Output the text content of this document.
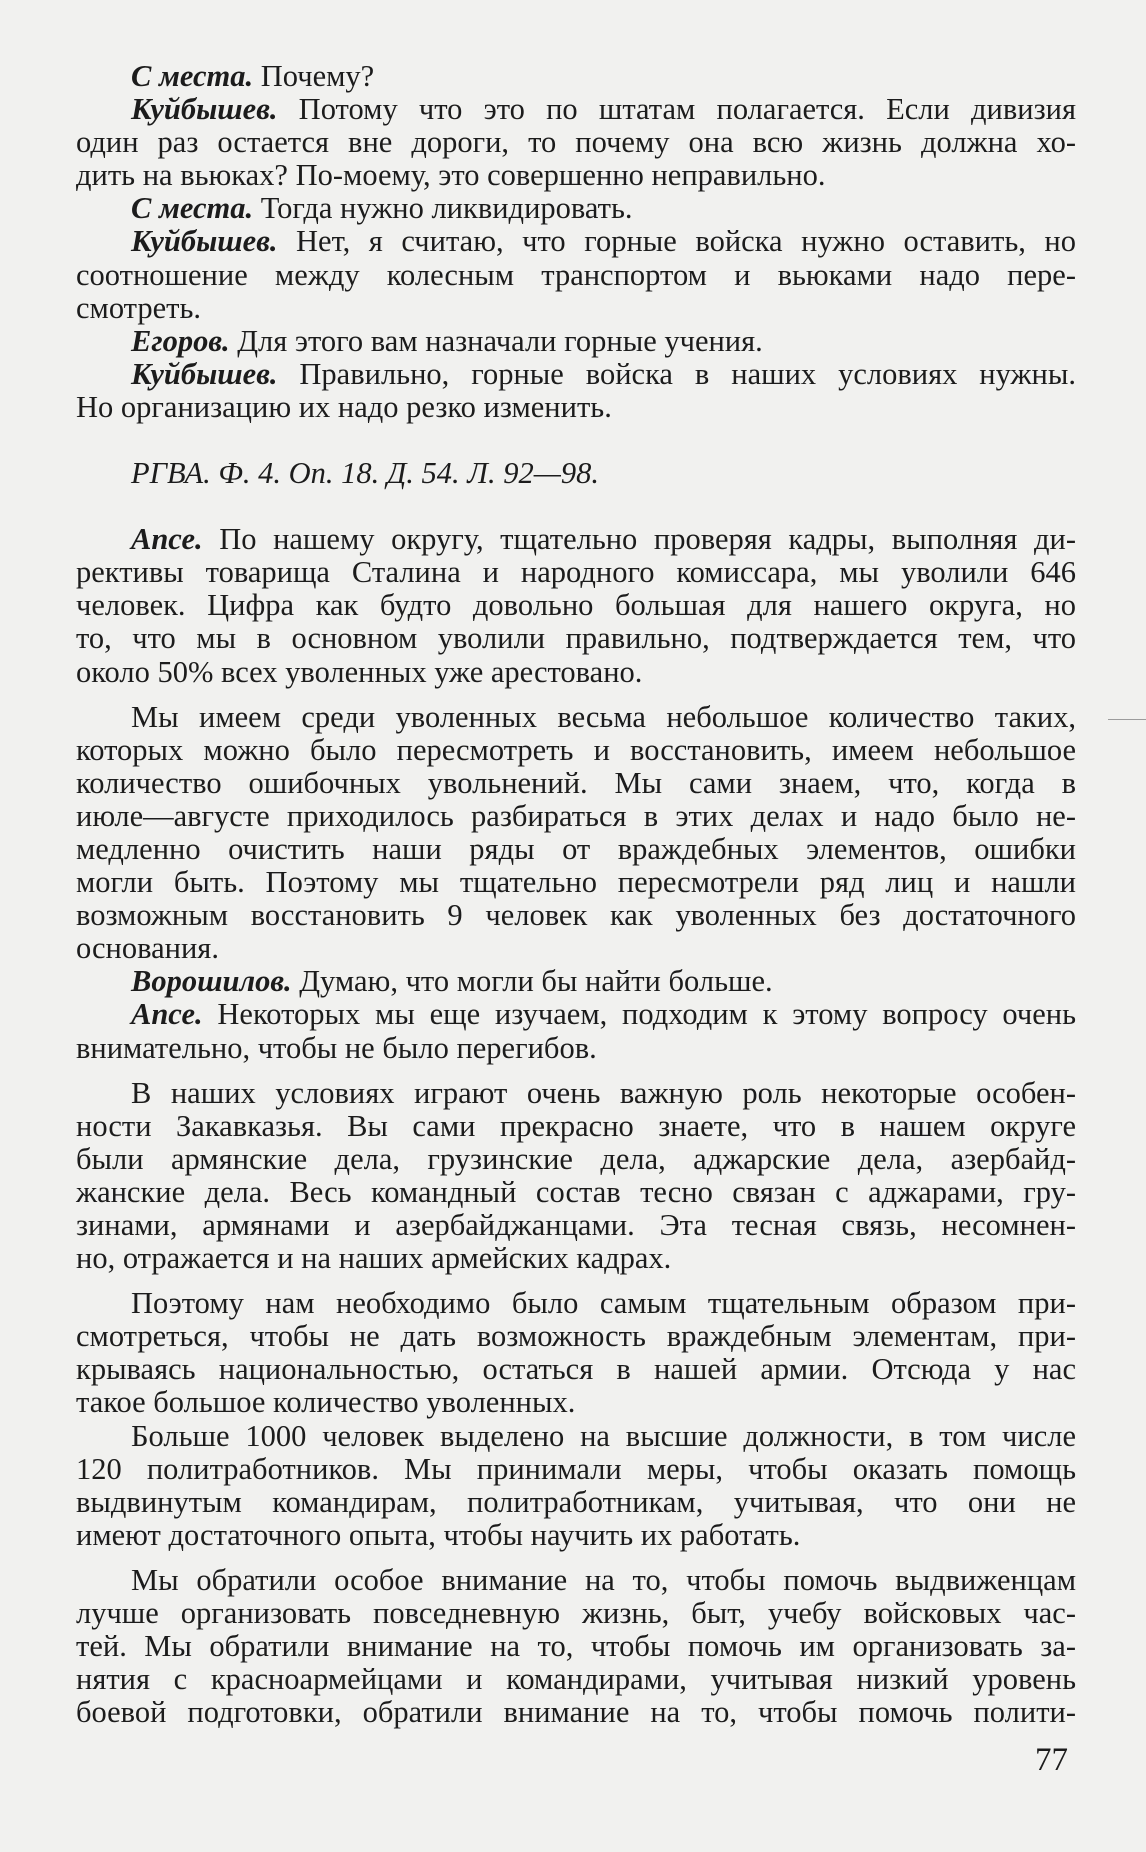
С места. Почему?

Куйбышев. Потому что это по штатам полагается. Если дивизия

один раз остается вне дороги, то почему она всю жизнь должна хо-

дить на вьюках? По-моему, это совершенно неправильно.

С места. Тогда нужно ликвидировать.

Куйбышев. Нет, я считаю, что горные войска нужно оставить, но

соотношение между колесным транспортом и вьюками надо пере-

смотреть.

Егоров. Для этого вам назначали горные учения.

Куйбышев. Правильно, горные войска в наших условиях нужны.

Но организацию их надо резко изменить.

РГВА. Ф. 4. Оп. 18. Д. 54. Л. 92—98.

Апсе. По нашему округу, тщательно проверяя кадры, выполняя ди-

рективы товарища Сталина и народного комиссара, мы уволили 646

человек. Цифра как будто довольно большая для нашего округа, но

то, что мы в основном уволили правильно, подтверждается тем, что

около 50% всех уволенных уже арестовано.

Мы имеем среди уволенных весьма небольшое количество таких,

которых можно было пересмотреть и восстановить, имеем небольшое

количество ошибочных увольнений. Мы сами знаем, что, когда в

июле—августе приходилось разбираться в этих делах и надо было не-

медленно очистить наши ряды от враждебных элементов, ошибки

могли быть. Поэтому мы тщательно пересмотрели ряд лиц и нашли

возможным восстановить 9 человек как уволенных без достаточного

основания.

Ворошилов. Думаю, что могли бы найти больше.

Апсе. Некоторых мы еще изучаем, подходим к этому вопросу очень

внимательно, чтобы не было перегибов.

В наших условиях играют очень важную роль некоторые особен-

ности Закавказья. Вы сами прекрасно знаете, что в нашем округе

были армянские дела, грузинские дела, аджарские дела, азербайд-

жанские дела. Весь командный состав тесно связан с аджарами, гру-

зинами, армянами и азербайджанцами. Эта тесная связь, несомнен-

но, отражается и на наших армейских кадрах.

Поэтому нам необходимо было самым тщательным образом при-

смотреться, чтобы не дать возможность враждебным элементам, при-

крываясь национальностью, остаться в нашей армии. Отсюда у нас

такое большое количество уволенных.

Больше 1000 человек выделено на высшие должности, в том числе

120 политработников. Мы принимали меры, чтобы оказать помощь

выдвинутым командирам, политработникам, учитывая, что они не

имеют достаточного опыта, чтобы научить их работать.

Мы обратили особое внимание на то, чтобы помочь выдвиженцам

лучше организовать повседневную жизнь, быт, учебу войсковых час-

тей. Мы обратили внимание на то, чтобы помочь им организовать за-

нятия с красноармейцами и командирами, учитывая низкий уровень

боевой подготовки, обратили внимание на то, чтобы помочь полити-

77
